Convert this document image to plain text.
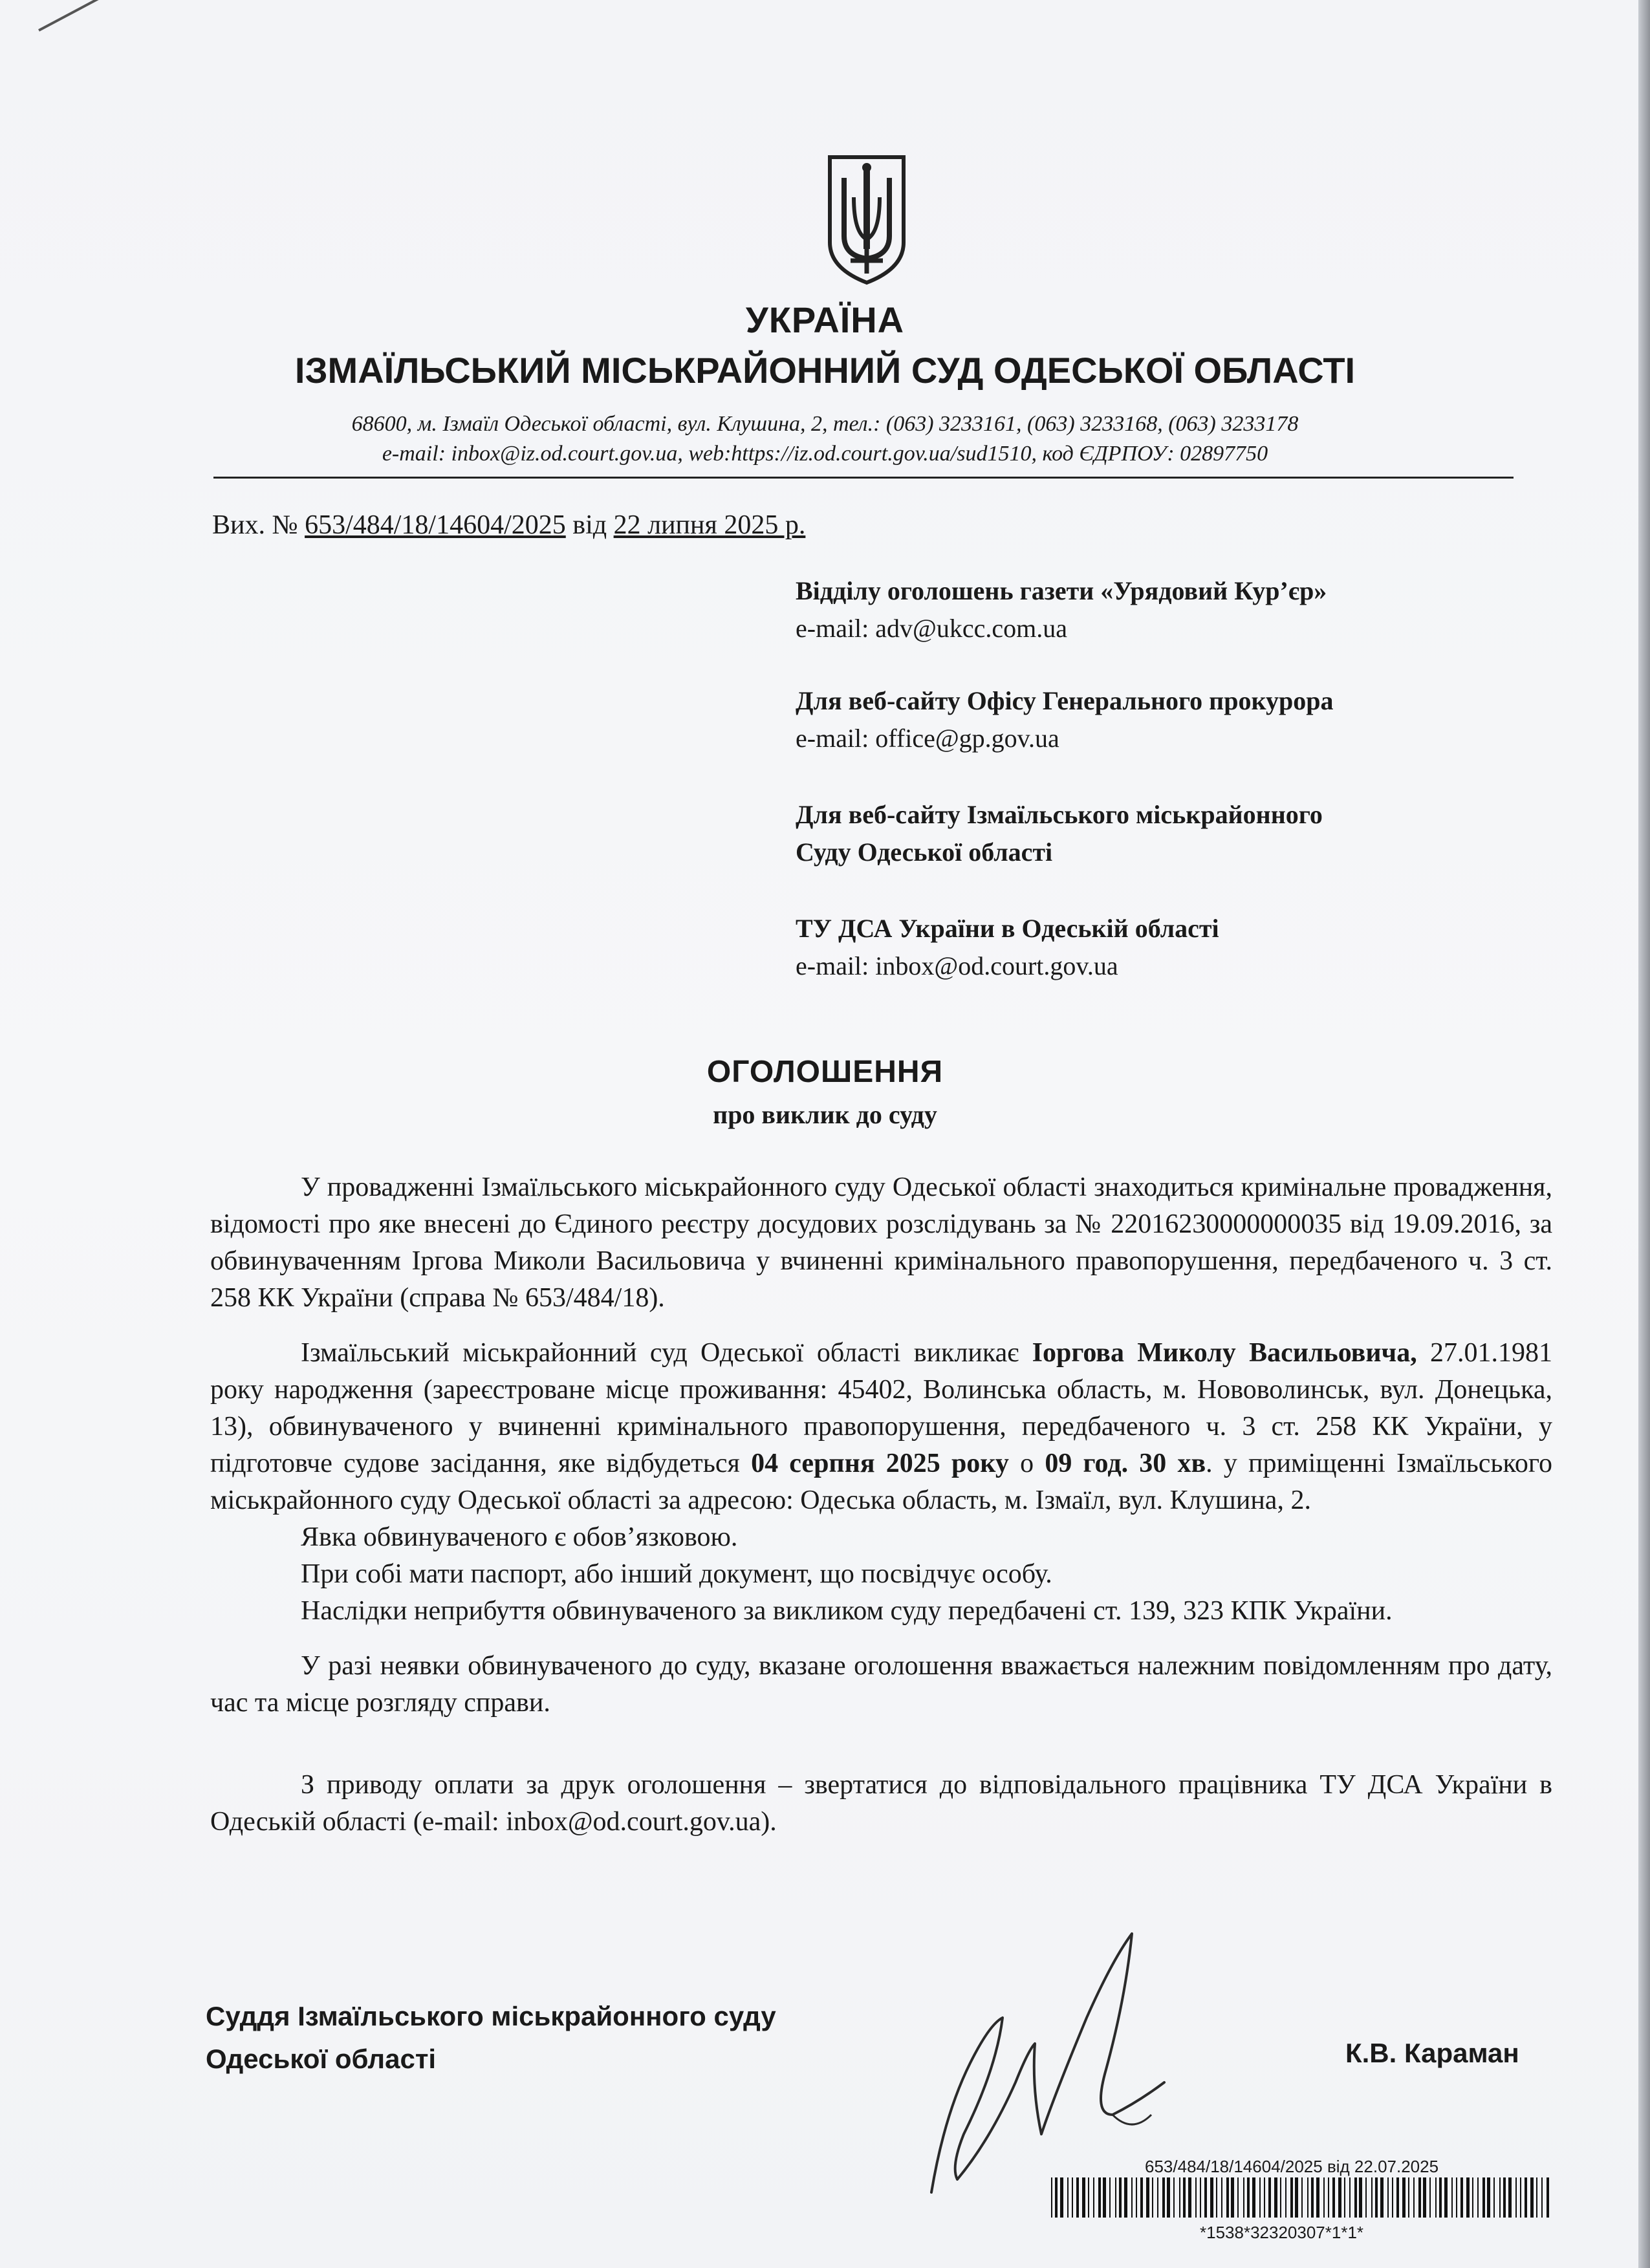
УКРАЇНА
ІЗМАЇЛЬСЬКИЙ МІСЬКРАЙОННИЙ СУД ОДЕСЬКОЇ ОБЛАСТІ
68600, м. Ізмаїл Одеської області, вул. Клушина, 2, тел.: (063) 3233161, (063) 3233168, (063) 3233178
e-mail: inbox@iz.od.court.gov.ua, web:https://iz.od.court.gov.ua/sud1510, код ЄДРПОУ: 02897750
Вих. № 653/484/18/14604/2025 від 22 липня 2025 р.

Відділу оголошень газети «Урядовий Кур’єр»
e-mail: adv@ukcc.com.ua

Для веб-сайту Офісу Генерального прокурора
e-mail: office@gp.gov.ua

Для веб-сайту Ізмаїльського міськрайонного
Суду Одеської області

ТУ ДСА України в Одеській області
e-mail: inbox@od.court.gov.ua

ОГОЛОШЕННЯ
про виклик до суду

У провадженні Ізмаїльського міськрайонного суду Одеської області знаходиться кримінальне провадження, відомості про яке внесені до Єдиного реєстру досудових розслідувань за № 22016230000000035 від 19.09.2016, за обвинуваченням Іргова Миколи Васильовича у вчиненні кримінального правопорушення, передбаченого ч. 3 ст. 258 КК України (справа № 653/484/18).

Ізмаїльський міськрайонний суд Одеської області викликає Іоргова Миколу Васильовича, 27.01.1981 року народження (зареєстроване місце проживання: 45402, Волинська область, м. Нововолинськ, вул. Донецька, 13), обвинуваченого у вчиненні кримінального правопорушення, передбаченого ч. 3 ст. 258 КК України, у підготовче судове засідання, яке відбудеться 04 серпня 2025 року о 09 год. 30 хв. у приміщенні Ізмаїльського міськрайонного суду Одеської області за адресою: Одеська область, м. Ізмаїл, вул. Клушина, 2.

Явка обвинуваченого є обов’язковою.

При собі мати паспорт, або інший документ, що посвідчує особу.

Наслідки неприбуття обвинуваченого за викликом суду передбачені ст. 139, 323 КПК України.

У разі неявки обвинуваченого до суду, вказане оголошення вважається належним повідомленням про дату, час та місце розгляду справи.

З приводу оплати за друк оголошення – звертатися до відповідального працівника ТУ ДСА України в Одеській області (e-mail: inbox@od.court.gov.ua).

Суддя Ізмаїльського міськрайонного суду
Одеської області	К.В. Караман
653/484/18/14604/2025 від 22.07.2025
*1538*32320307*1*1*
